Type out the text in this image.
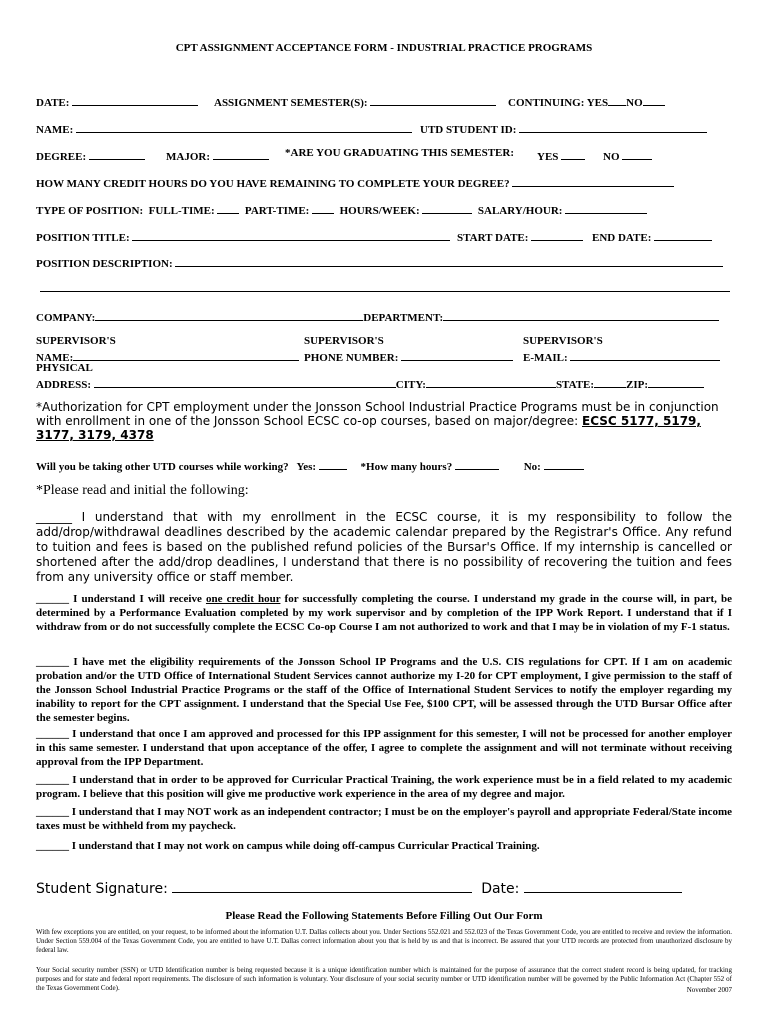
CPT ASSIGNMENT ACCEPTANCE FORM - INDUSTRIAL PRACTICE PROGRAMS
DATE:	ASSIGNMENT SEMESTER(S):	CONTINUING: YES NO
NAME:	UTD STUDENT ID:
DEGREE:	MAJOR:	*ARE YOU GRADUATING THIS SEMESTER: YES	NO
HOW MANY CREDIT HOURS DO YOU HAVE REMAINING TO COMPLETE YOUR DEGREE?
TYPE OF POSITION: FULL-TIME:	PART-TIME:	HOURS/WEEK:	SALARY/HOUR:
POSITION TITLE:	START DATE:	END DATE:
POSITION DESCRIPTION:
COMPANY:	DEPARTMENT:
SUPERVISOR'S
NAME:
SUPERVISOR'S
PHONE NUMBER:
SUPERVISOR'S
E-MAIL:
PHYSICAL
ADDRESS:	CITY:	STATE:	ZIP:
*Authorization for CPT employment under the Jonsson School Industrial Practice Programs must be in conjunction with enrollment in one of the Jonsson School ECSC co-op courses, based on major/degree: ECSC 5177, 5179, 3177, 3179, 4378
Will you be taking other UTD courses while working? Yes:	*How many hours?	No:
*Please read and initial the following:
______ I understand that with my enrollment in the ECSC course, it is my responsibility to follow the add/drop/withdrawal deadlines described by the academic calendar prepared by the Registrar's Office. Any refund to tuition and fees is based on the published refund policies of the Bursar's Office. If my internship is cancelled or shortened after the add/drop deadlines, I understand that there is no possibility of recovering the tuition and fees from any university office or staff member.
______ I understand I will receive one credit hour for successfully completing the course. I understand my grade in the course will, in part, be determined by a Performance Evaluation completed by my work supervisor and by completion of the IPP Work Report. I understand that if I withdraw from or do not successfully complete the ECSC Co-op Course I am not authorized to work and that I may be in violation of my F-1 status.
______ I have met the eligibility requirements of the Jonsson School IP Programs and the U.S. CIS regulations for CPT. If I am on academic probation and/or the UTD Office of International Student Services cannot authorize my I-20 for CPT employment, I give permission to the staff of the Jonsson School Industrial Practice Programs or the staff of the Office of International Student Services to notify the employer regarding my inability to report for the CPT assignment. I understand that the Special Use Fee, $100 CPT, will be assessed through the UTD Bursar Office after the semester begins.
______ I understand that once I am approved and processed for this IPP assignment for this semester, I will not be processed for another employer in this same semester. I understand that upon acceptance of the offer, I agree to complete the assignment and will not terminate without receiving approval from the IPP Department.
______ I understand that in order to be approved for Curricular Practical Training, the work experience must be in a field related to my academic program. I believe that this position will give me productive work experience in the area of my degree and major.
______ I understand that I may NOT work as an independent contractor; I must be on the employer's payroll and appropriate Federal/State income taxes must be withheld from my paycheck.
______ I understand that I may not work on campus while doing off-campus Curricular Practical Training.
Student Signature:	Date:
Please Read the Following Statements Before Filling Out Our Form
With few exceptions you are entitled, on your request, to be informed about the information U.T. Dallas collects about you. Under Sections 552.021 and 552.023 of the Texas Government Code, you are entitled to receive and review the information. Under Section 559.004 of the Texas Government Code, you are entitled to have U.T. Dallas correct information about you that is held by us and that is incorrect. Be assured that your UTD records are protected from unauthorized disclosure by federal law.
Your Social security number (SSN) or UTD Identification number is being requested because it is a unique identification number which is maintained for the purpose of assurance that the correct student record is being updated, for tracking purposes and for state and federal report requirements. The disclosure of such information is voluntary. Your disclosure of your social security number or UTD identification number will be governed by the Public Information Act (Chapter 552 of the Texas Government Code).	November 2007
